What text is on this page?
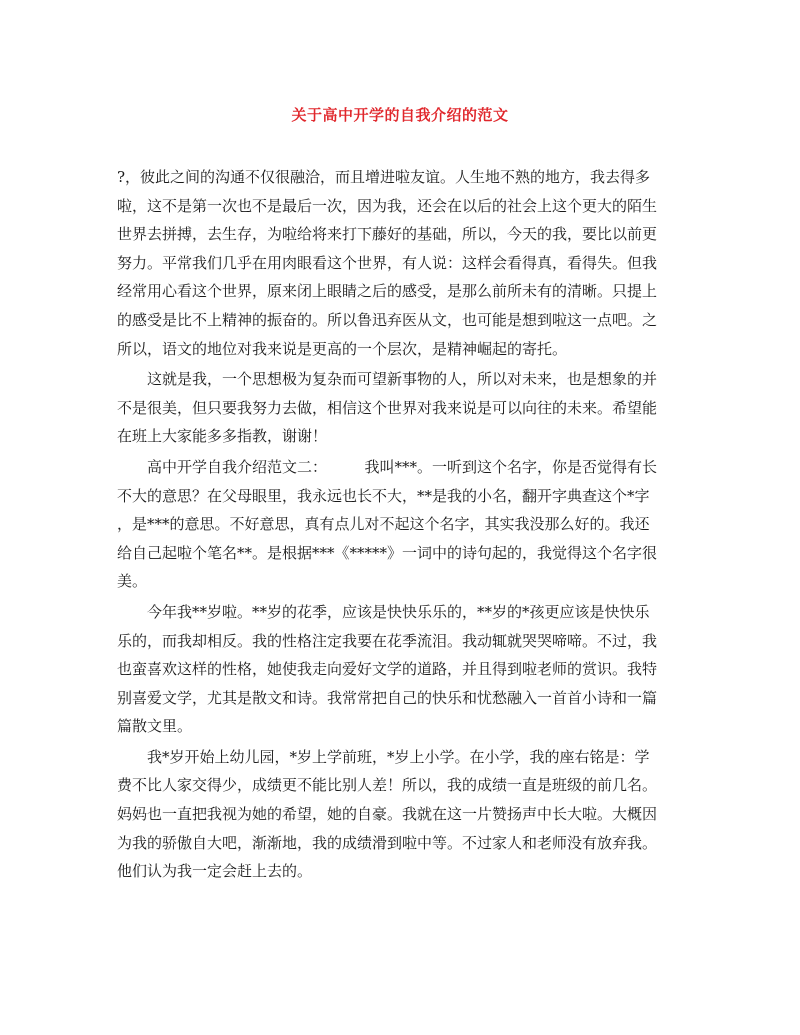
关于高中开学的自我介绍的范文
?，彼此之间的沟通不仅很融洽，而且增进啦友谊。人生地不熟的地方，我去得多
啦，这不是第一次也不是最后一次，因为我，还会在以后的社会上这个更大的陌生
世界去拼搏，去生存，为啦给将来打下藤好的基础，所以，今天的我，要比以前更
努力。平常我们几乎在用肉眼看这个世界，有人说：这样会看得真，看得失。但我
经常用心看这个世界，原来闭上眼睛之后的感受，是那么前所未有的清晰。只提上
的感受是比不上精神的振奋的。所以鲁迅弃医从文，也可能是想到啦这一点吧。之
所以，语文的地位对我来说是更高的一个层次，是精神崛起的寄托。
　　这就是我，一个思想极为复杂而可望新事物的人，所以对未来，也是想象的并
不是很美，但只要我努力去做，相信这个世界对我来说是可以向往的未来。希望能
在班上大家能多多指教，谢谢！
　　高中开学自我介绍范文二：　　　我叫***。一听到这个名字，你是否觉得有长
不大的意思？在父母眼里，我永远也长不大，**是我的小名，翻开字典查这个*字
，是***的意思。不好意思，真有点儿对不起这个名字，其实我没那么好的。我还
给自己起啦个笔名**。是根据***《*****》一词中的诗句起的，我觉得这个名字很
美。
　　今年我**岁啦。**岁的花季，应该是快快乐乐的，**岁的*孩更应该是快快乐
乐的，而我却相反。我的性格注定我要在花季流泪。我动辄就哭哭啼啼。不过，我
也蛮喜欢这样的性格，她使我走向爱好文学的道路，并且得到啦老师的赏识。我特
别喜爱文学，尤其是散文和诗。我常常把自己的快乐和忧愁融入一首首小诗和一篇
篇散文里。
　　我*岁开始上幼儿园，*岁上学前班，*岁上小学。在小学，我的座右铭是：学
费不比人家交得少，成绩更不能比别人差！所以，我的成绩一直是班级的前几名。
妈妈也一直把我视为她的希望，她的自豪。我就在这一片赞扬声中长大啦。大概因
为我的骄傲自大吧，渐渐地，我的成绩滑到啦中等。不过家人和老师没有放弃我。
他们认为我一定会赶上去的。
